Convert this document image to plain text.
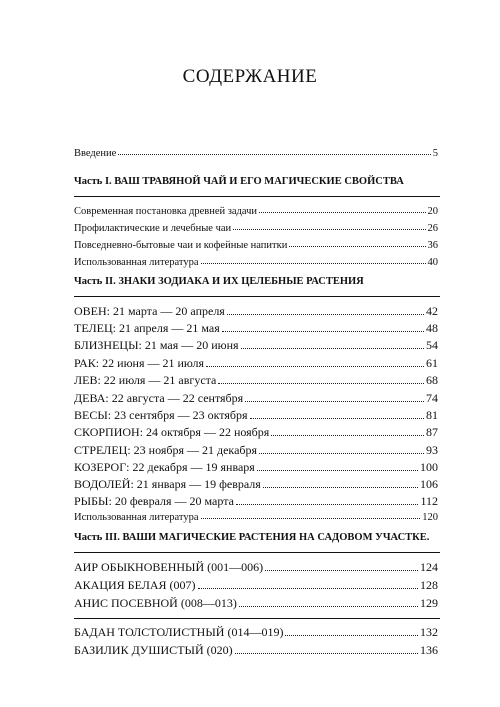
СОДЕРЖАНИЕ
Введение	5
Часть I. ВАШ ТРАВЯНОЙ ЧАЙ И ЕГО МАГИЧЕСКИЕ СВОЙСТВА
Современная постановка древней задачи	20
Профилактические и лечебные чаи	26
Повседневно-бытовые чаи и кофейные напитки	36
Использованная литература	40
Часть II. ЗНАКИ ЗОДИАКА И ИХ ЦЕЛЕБНЫЕ РАСТЕНИЯ
ОВЕН: 21 марта — 20 апреля	42
ТЕЛЕЦ: 21 апреля — 21 мая	48
БЛИЗНЕЦЫ: 21 мая — 20 июня	54
РАК: 22 июня — 21 июля	61
ЛЕВ: 22 июля — 21 августа	68
ДЕВА: 22 августа — 22 сентября	74
ВЕСЫ: 23 сентября — 23 октября	81
СКОРПИОН: 24 октября — 22 ноября	87
СТРЕЛЕЦ: 23 ноября — 21 декабря	93
КОЗЕРОГ: 22 декабря — 19 января	100
ВОДОЛЕЙ: 21 января — 19 февраля	106
РЫБЫ: 20 февраля — 20 марта	112
Использованная литература	120
Часть III. ВАШИ МАГИЧЕСКИЕ РАСТЕНИЯ НА САДОВОМ УЧАСТКЕ.
АИР ОБЫКНОВЕННЫЙ (001—006)	124
АКАЦИЯ БЕЛАЯ (007)	128
АНИС ПОСЕВНОЙ (008—013)	129
БАДАН ТОЛСТОЛИСТНЫЙ (014—019)	132
БАЗИЛИК ДУШИСТЫЙ (020)	136
